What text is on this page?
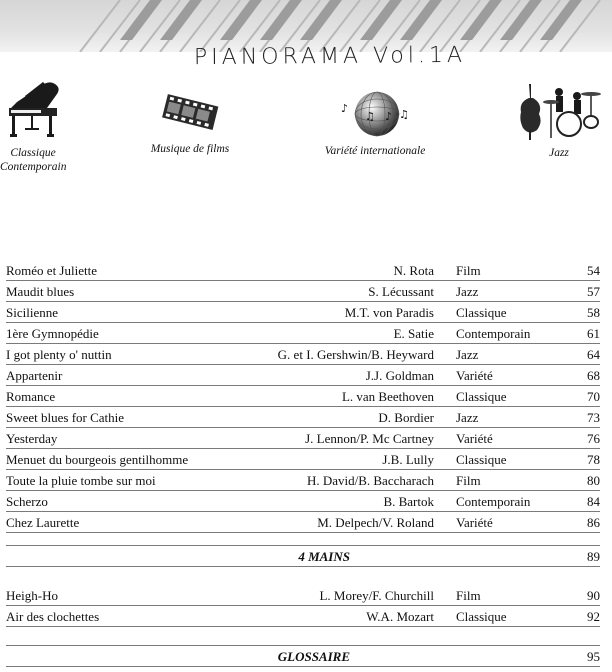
PIANORAMA Vol.1A
Classique
Contemporain
Musique de films
♪
♫ ♪ ♫
Variété internationale	Jazz
Roméo et Juliette	N. Rota Film	54
Maudit blues	S. Lécussant Jazz	57
Sicilienne	M.T. von Paradis Classique	58
1ère Gymnopédie	E. Satie Contemporain	61
I got plenty o' nuttin	G. et I. Gershwin/B. Heyward Jazz	64
Appartenir	J.J. Goldman Variété	68
Romance	L. van Beethoven Classique	70
Sweet blues for Cathie	D. Bordier Jazz	73
Yesterday	J. Lennon/P. Mc Cartney Variété	76
Menuet du bourgeois gentilhomme	J.B. Lully Classique	78
Toute la pluie tombe sur moi	H. David/B. Baccharach Film	80
Scherzo	B. Bartok Contemporain	84
Chez Laurette	M. Delpech/V. Roland Variété	86
4 MAINS	89
Heigh-Ho	L. Morey/F. Churchill Film	90
Air des clochettes	W.A. Mozart Classique	92
GLOSSAIRE	95
